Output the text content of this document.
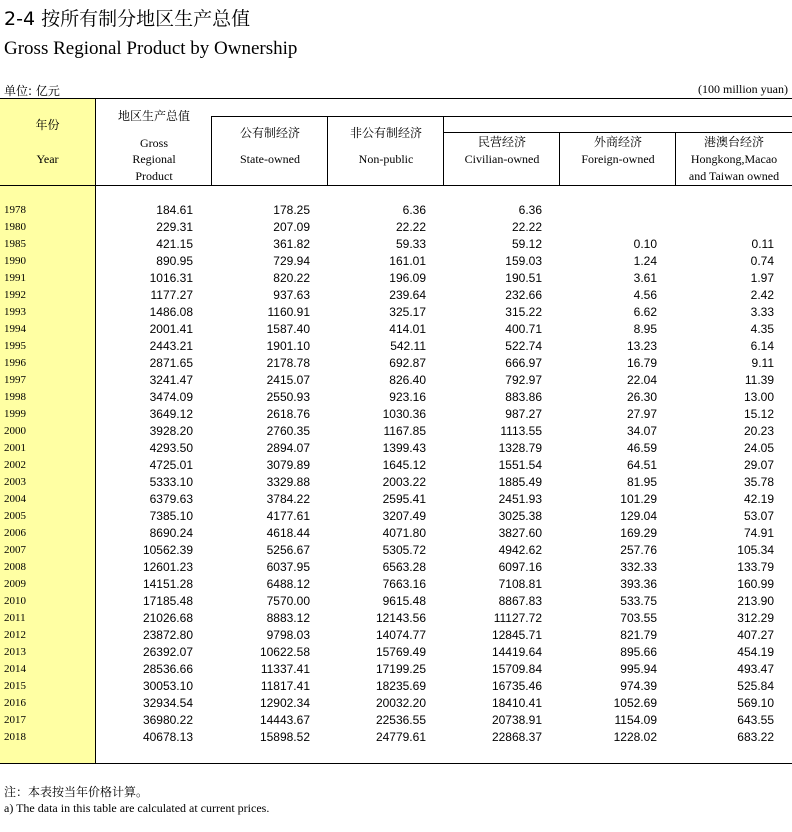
2-4 按所有制分地区生产总值
Gross Regional Product by Ownership
单位: 亿元	(100 million yuan)
年份
Year
地区生产总值
Gross
Regional
Product
公有制经济
State-owned
非公有制经济
Non-public
民营经济
Civilian-owned
外商经济
Foreign-owned
港澳台经济
Hongkong,Macao
and Taiwan owned
1978	184.61	178.25	6.36	6.36
1980	229.31	207.09	22.22	22.22
1985	421.15	361.82	59.33	59.12	0.10	0.11
1990	890.95	729.94	161.01	159.03	1.24	0.74
1991	1016.31	820.22	196.09	190.51	3.61	1.97
1992	1177.27	937.63	239.64	232.66	4.56	2.42
1993	1486.08	1160.91	325.17	315.22	6.62	3.33
1994	2001.41	1587.40	414.01	400.71	8.95	4.35
1995	2443.21	1901.10	542.11	522.74	13.23	6.14
1996	2871.65	2178.78	692.87	666.97	16.79	9.11
1997	3241.47	2415.07	826.40	792.97	22.04	11.39
1998	3474.09	2550.93	923.16	883.86	26.30	13.00
1999	3649.12	2618.76	1030.36	987.27	27.97	15.12
2000	3928.20	2760.35	1167.85	1113.55	34.07	20.23
2001	4293.50	2894.07	1399.43	1328.79	46.59	24.05
2002	4725.01	3079.89	1645.12	1551.54	64.51	29.07
2003	5333.10	3329.88	2003.22	1885.49	81.95	35.78
2004	6379.63	3784.22	2595.41	2451.93	101.29	42.19
2005	7385.10	4177.61	3207.49	3025.38	129.04	53.07
2006	8690.24	4618.44	4071.80	3827.60	169.29	74.91
2007	10562.39	5256.67	5305.72	4942.62	257.76	105.34
2008	12601.23	6037.95	6563.28	6097.16	332.33	133.79
2009	14151.28	6488.12	7663.16	7108.81	393.36	160.99
2010	17185.48	7570.00	9615.48	8867.83	533.75	213.90
2011	21026.68	8883.12	12143.56	11127.72	703.55	312.29
2012	23872.80	9798.03	14074.77	12845.71	821.79	407.27
2013	26392.07	10622.58	15769.49	14419.64	895.66	454.19
2014	28536.66	11337.41	17199.25	15709.84	995.94	493.47
2015	30053.10	11817.41	18235.69	16735.46	974.39	525.84
2016	32934.54	12902.34	20032.20	18410.41	1052.69	569.10
2017	36980.22	14443.67	22536.55	20738.91	1154.09	643.55
2018	40678.13	15898.52	24779.61	22868.37	1228.02	683.22
注：本表按当年价格计算。
a) The data in this table are calculated at current prices.
